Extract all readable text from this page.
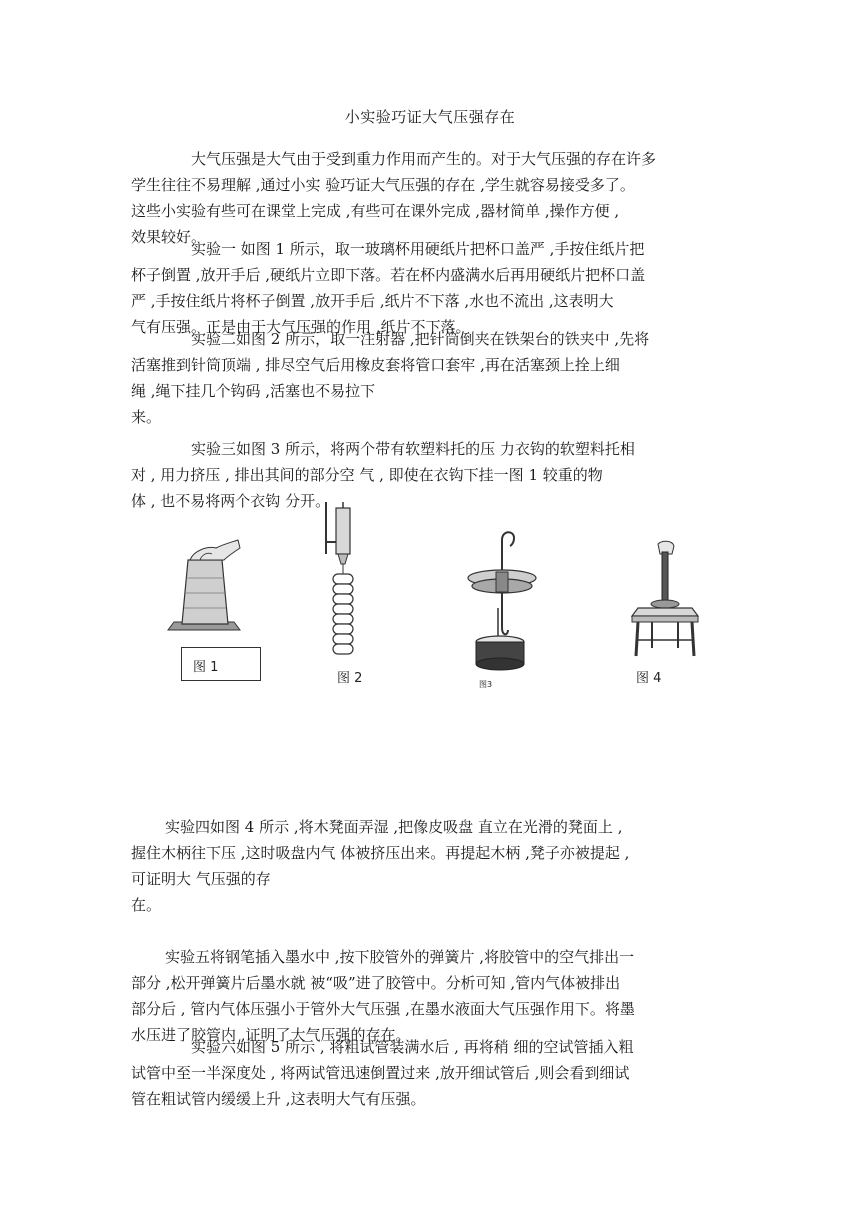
小实验巧证大气压强存在
大气压强是大气由于受到重力作用而产生的。对于大气压强的存在许多
学生往往不易理解 ,通过小实 验巧证大气压强的存在 ,学生就容易接受多了。
这些小实验有些可在课堂上完成 ,有些可在课外完成 ,器材简单 ,操作方便 ,
效果较好。
实验一 如图 1 所示，取一玻璃杯用硬纸片把杯口盖严 ,手按住纸片把
杯子倒置 ,放开手后 ,硬纸片立即下落。若在杯内盛满水后再用硬纸片把杯口盖
严 ,手按住纸片将杯子倒置 ,放开手后 ,纸片不下落 ,水也不流出 ,这表明大
气有压强。正是由于大气压强的作用 ,纸片不下落。
实验二如图 2 所示，取一注射器 ,把针筒倒夹在铁架台的铁夹中 ,先将
活塞推到针筒顶端 , 排尽空气后用橡皮套将管口套牢 ,再在活塞颈上拴上细
绳 ,绳下挂几个钩码 ,活塞也不易拉下
来。
实验三如图 3 所示，将两个带有软塑料托的压 力衣钩的软塑料托相
对 , 用力挤压 , 排出其间的部分空 气 , 即使在衣钩下挂一图 1 较重的物
体 , 也不易将两个衣钩 分开。
图 1
图 2	图3	图 4
实验四如图 4 所示 ,将木凳面弄湿 ,把像皮吸盘 直立在光滑的凳面上 ,
握住木柄往下压 ,这时吸盘内气 体被挤压出来。再提起木柄 ,凳子亦被提起 ,
可证明大 气压强的存
在。
实验五将钢笔插入墨水中 ,按下胶管外的弹簧片 ,将胶管中的空气排出一
部分 ,松开弹簧片后墨水就 被“吸”进了胶管中。分析可知 ,管内气体被排出
部分后 , 管内气体压强小于管外大气压强 ,在墨水液面大气压强作用下。将墨
水压进了胶管内 ,证明了大气压强的存在。
实验六如图 5 所示 , 将粗试管装满水后 , 再将稍 细的空试管插入粗
试管中至一半深度处 , 将两试管迅速倒置过来 ,放开细试管后 ,则会看到细试
管在粗试管内缓缓上升 ,这表明大气有压强。
